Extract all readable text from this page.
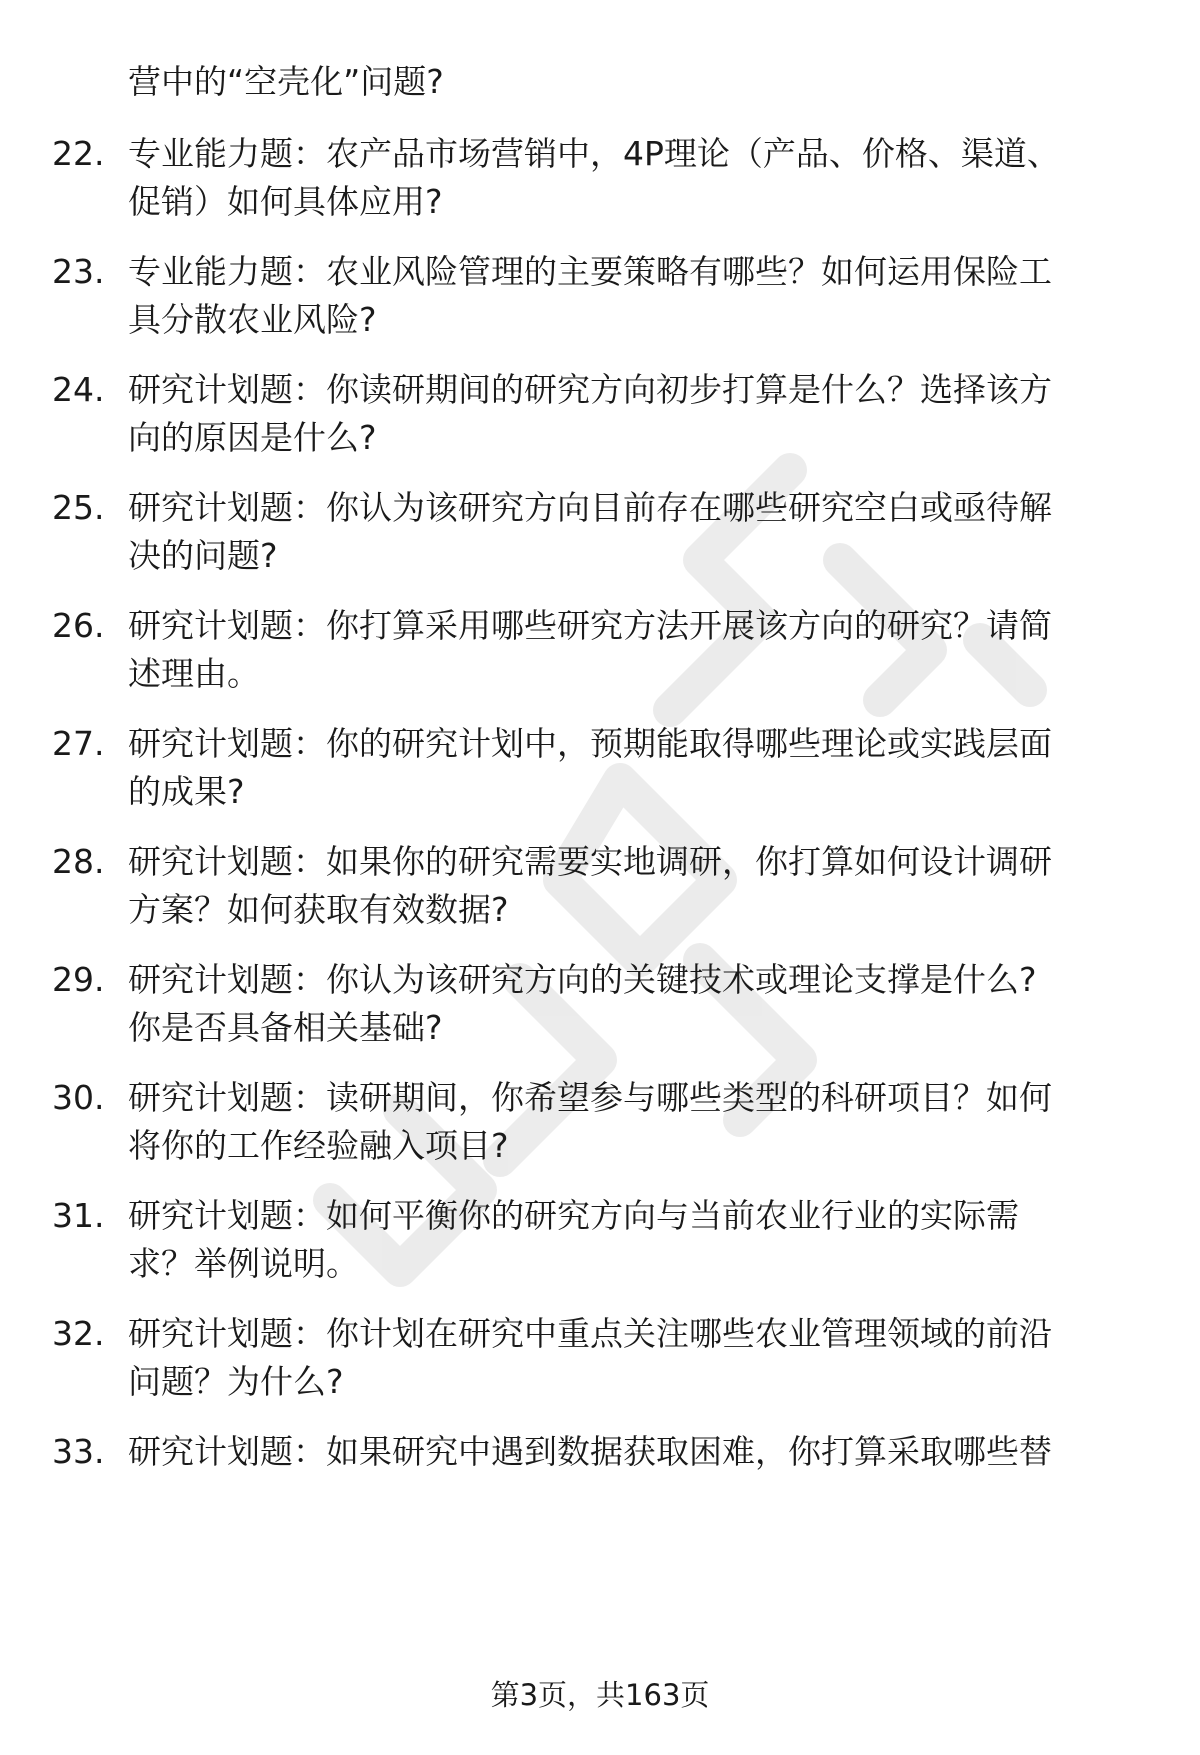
营中的“空壳化”问题?
22. 专业能力题：农产品市场营销中，4P理论（产品、价格、渠道、
促销）如何具体应用?
23. 专业能力题：农业风险管理的主要策略有哪些？如何运用保险工
具分散农业风险?
24. 研究计划题：你读研期间的研究方向初步打算是什么？选择该方
向的原因是什么?
25. 研究计划题：你认为该研究方向目前存在哪些研究空白或亟待解
决的问题?
26. 研究计划题：你打算采用哪些研究方法开展该方向的研究？请简
述理由。
27. 研究计划题：你的研究计划中，预期能取得哪些理论或实践层面
的成果?
28. 研究计划题：如果你的研究需要实地调研，你打算如何设计调研
方案？如何获取有效数据?
29. 研究计划题：你认为该研究方向的关键技术或理论支撑是什么?
你是否具备相关基础?
30. 研究计划题：读研期间，你希望参与哪些类型的科研项目？如何
将你的工作经验融入项目?
31. 研究计划题：如何平衡你的研究方向与当前农业行业的实际需
求？举例说明。
32. 研究计划题：你计划在研究中重点关注哪些农业管理领域的前沿
问题？为什么?
33. 研究计划题：如果研究中遇到数据获取困难，你打算采取哪些替
第3页，共163页
